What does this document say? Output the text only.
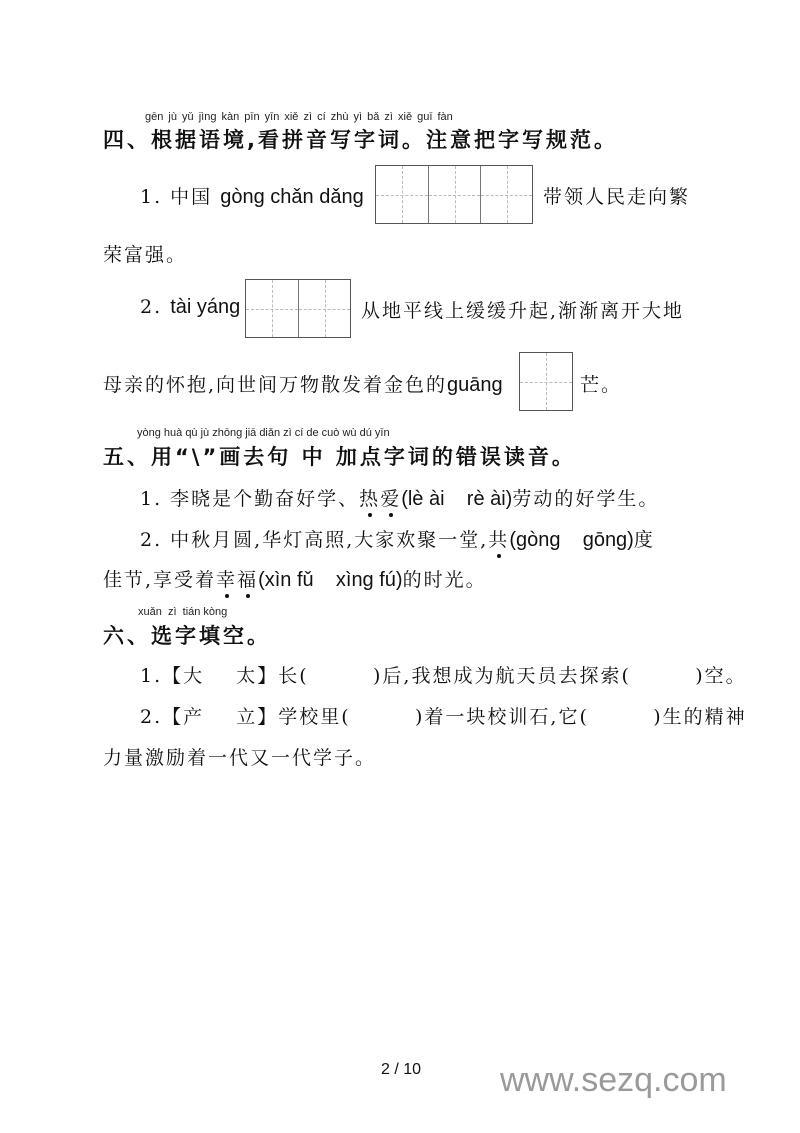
gēn jù yǔ jìng kàn pīn yīn xiě zì cí zhù yì bǎ zì xiě guī fàn
四、根据语境,看拼音写字词。注意把字写规范。
1. 中国 gòng chǎn dǎng	带领人民走向繁
荣富强。
2. tài yáng	从地平线上缓缓升起,渐渐离开大地
母亲的怀抱,向世间万物散发着金色的guāng	芒。
yòng huà qù jù zhōng jiā diǎn zì cí de cuò wù dú yīn
五、用“\”画去句 中 加点字词的错误读音。
1. 李晓是个勤奋好学、热爱(lè ài    rè ài)劳动的好学生。
2. 中秋月圆,华灯高照,大家欢聚一堂,共(gòng    gōng)度
佳节,享受着幸福(xìn fǔ    xìng fú)的时光。
xuǎn  zì  tián kòng
六、选字填空。
1.【大    太】长(        )后,我想成为航天员去探索(        )空。
2.【产    立】学校里(        )着一块校训石,它(        )生的精神
力量激励着一代又一代学子。
2 / 10 www.sezq.com
